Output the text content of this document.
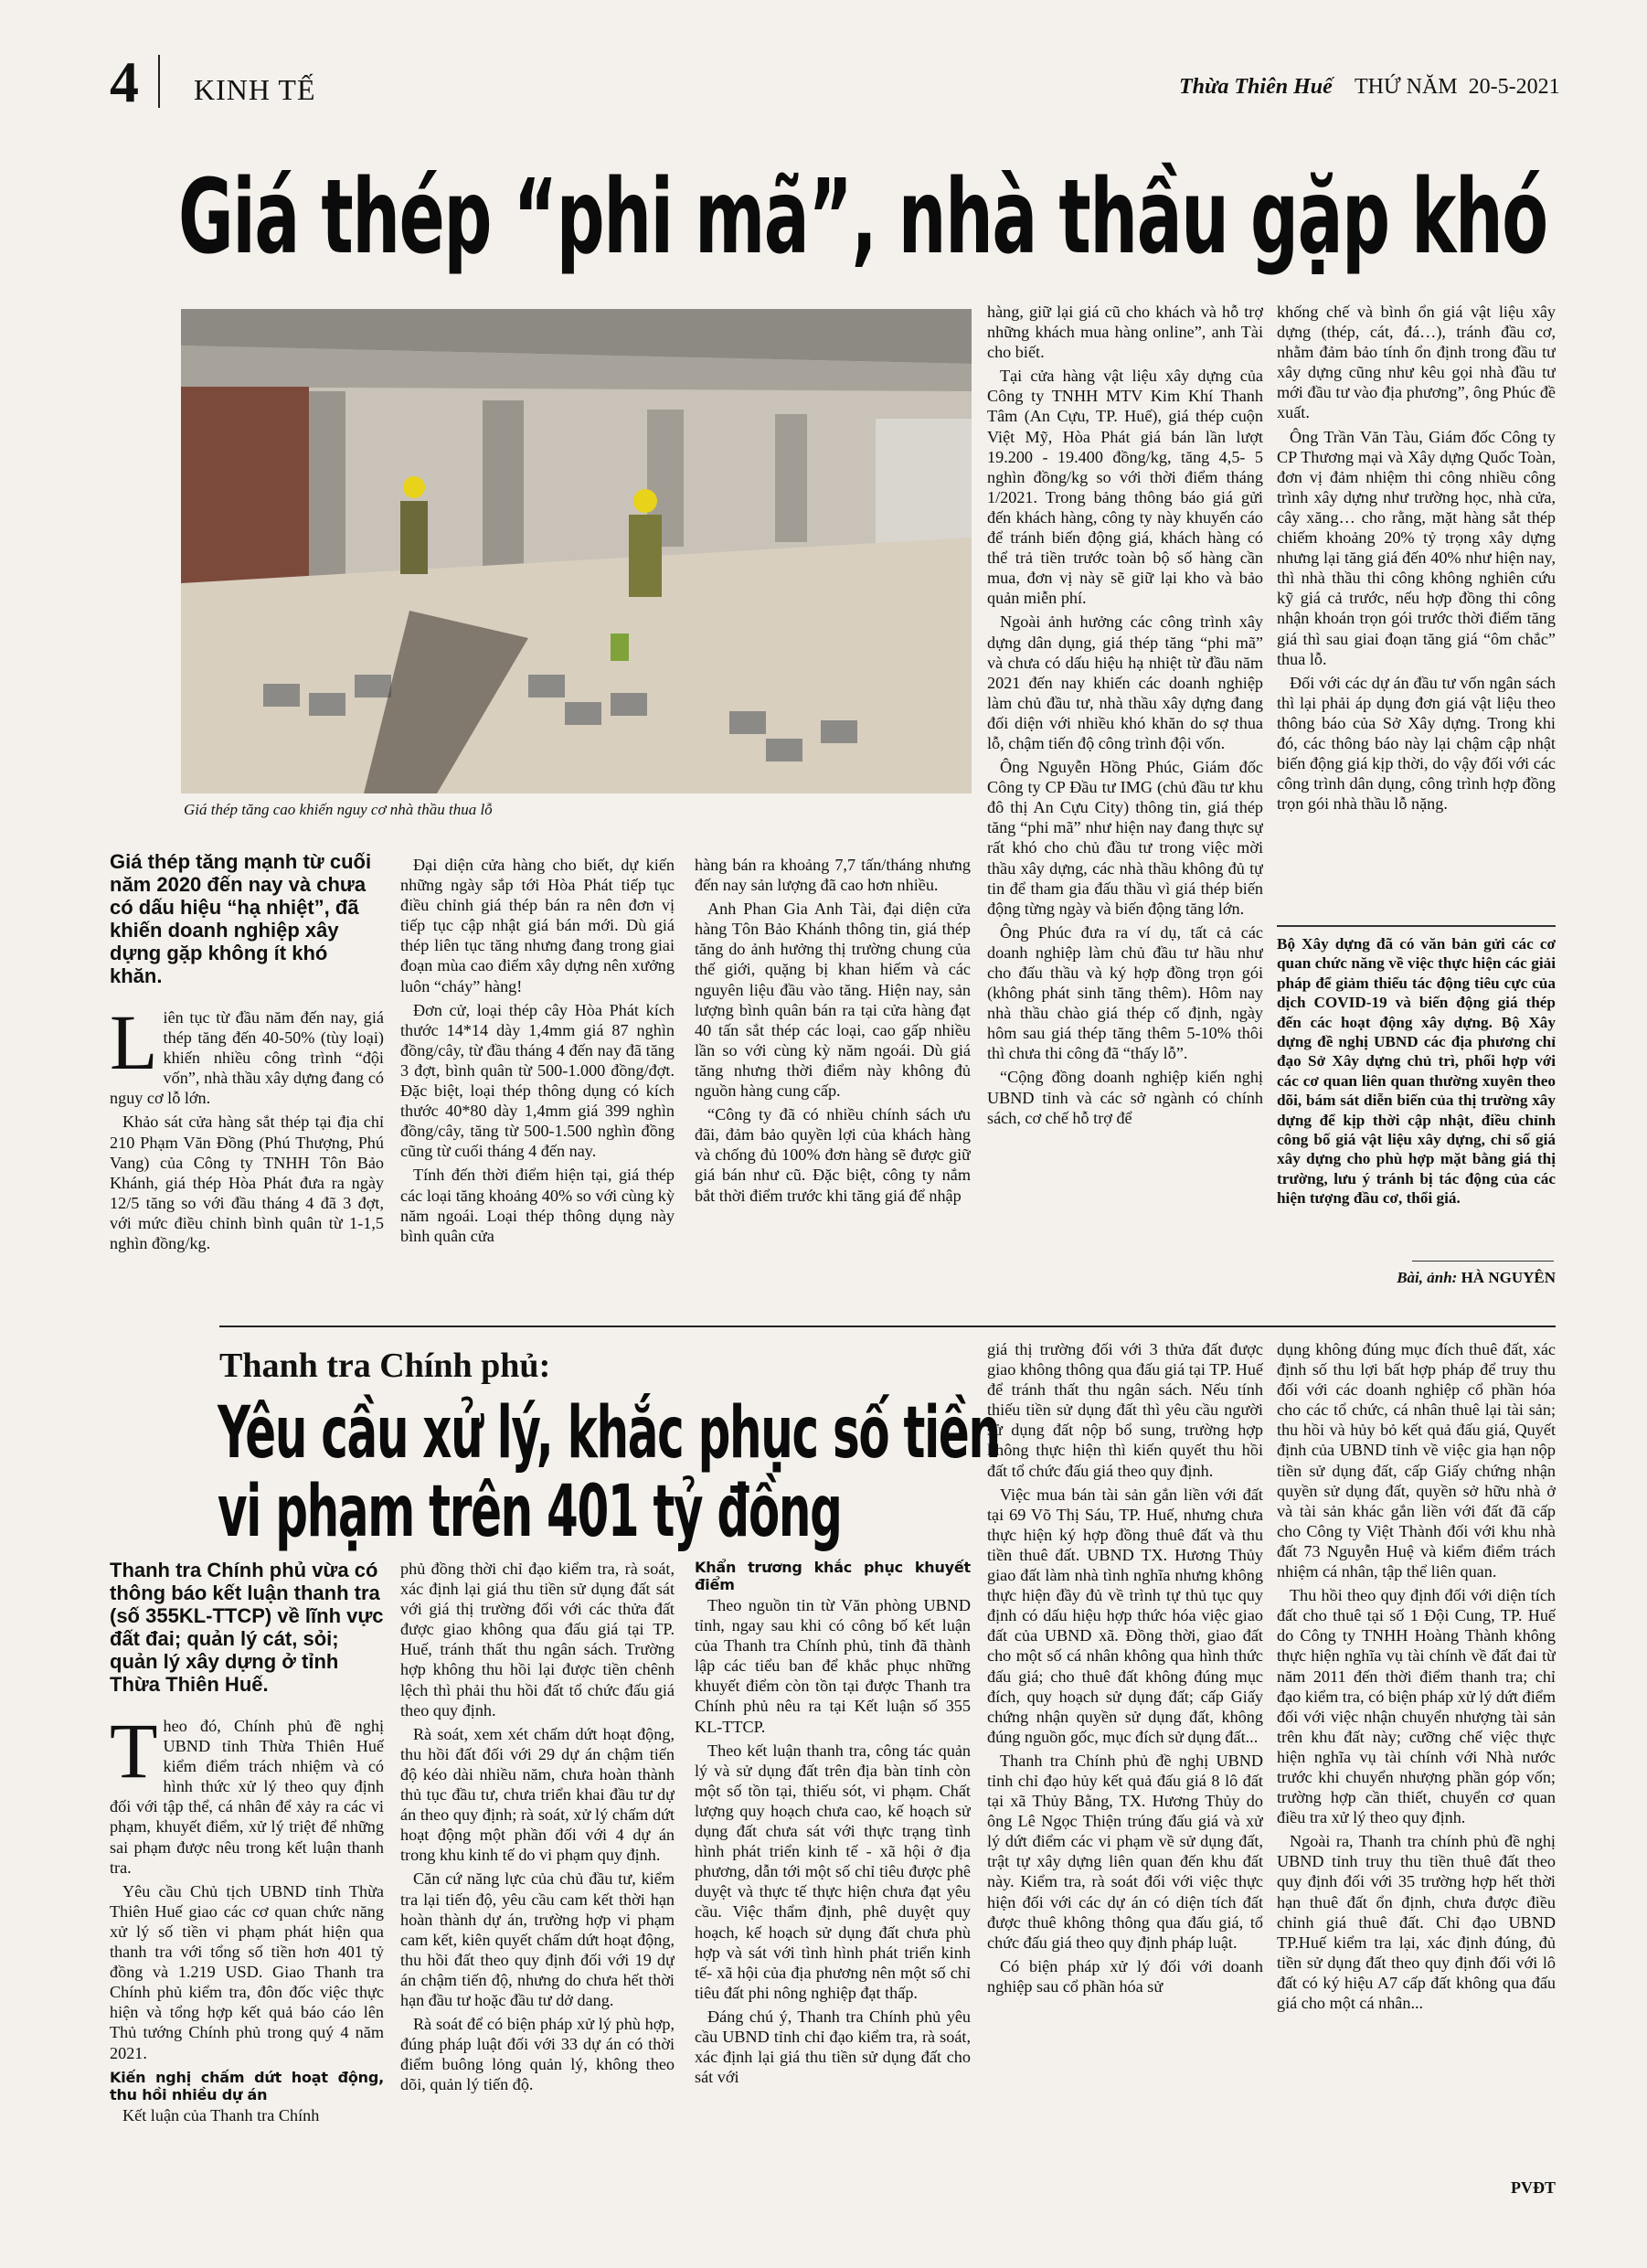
4 KINH TẾ	Thừa Thiên Huế THỨ NĂM  20-5-2021
Giá thép “phi mã”, nhà thầu gặp khó
Giá thép tăng cao khiến nguy cơ nhà thầu thua lỗ
Giá thép tăng mạnh từ cuối năm 2020 đến nay và chưa có dấu hiệu “hạ nhiệt”, đã khiến doanh nghiệp xây dựng gặp không ít khó khăn.
L iên tục từ đầu năm đến nay, giá thép tăng đến 40-50% (tùy loại) khiến nhiều công trình “đội vốn”, nhà thầu xây dựng đang có nguy cơ lỗ lớn.

Khảo sát cửa hàng sắt thép tại địa chỉ 210 Phạm Văn Đồng (Phú Thượng, Phú Vang) của Công ty TNHH Tôn Bảo Khánh, giá thép Hòa Phát đưa ra ngày 12/5 tăng so với đầu tháng 4 đã 3 đợt, với mức điều chỉnh bình quân từ 1-1,5 nghìn đồng/kg.

Đại diện cửa hàng cho biết, dự kiến những ngày sắp tới Hòa Phát tiếp tục điều chỉnh giá thép bán ra nên đơn vị tiếp tục cập nhật giá bán mới. Dù giá thép liên tục tăng nhưng đang trong giai đoạn mùa cao điểm xây dựng nên xưởng luôn “cháy” hàng!

Đơn cử, loại thép cây Hòa Phát kích thước 14*14 dày 1,4mm giá 87 nghìn đồng/cây, từ đầu tháng 4 đến nay đã tăng 3 đợt, bình quân từ 500-1.000 đồng/đợt. Đặc biệt, loại thép thông dụng có kích thước 40*80 dày 1,4mm giá 399 nghìn đồng/cây, tăng từ 500-1.500 nghìn đồng cũng từ cuối tháng 4 đến nay.

Tính đến thời điểm hiện tại, giá thép các loại tăng khoảng 40% so với cùng kỳ năm ngoái. Loại thép thông dụng này bình quân cửa

hàng bán ra khoảng 7,7 tấn/tháng nhưng đến nay sản lượng đã cao hơn nhiều.

Anh Phan Gia Anh Tài, đại diện cửa hàng Tôn Bảo Khánh thông tin, giá thép tăng do ảnh hưởng thị trường chung của thế giới, quặng bị khan hiếm và các nguyên liệu đầu vào tăng. Hiện nay, sản lượng bình quân bán ra tại cửa hàng đạt 40 tấn sắt thép các loại, cao gấp nhiều lần so với cùng kỳ năm ngoái. Dù giá tăng nhưng thời điểm này không đủ nguồn hàng cung cấp.

“Công ty đã có nhiều chính sách ưu đãi, đảm bảo quyền lợi của khách hàng và chống đủ 100% đơn hàng sẽ được giữ giá bán như cũ. Đặc biệt, công ty nắm bắt thời điểm trước khi tăng giá để nhập

hàng, giữ lại giá cũ cho khách và hỗ trợ những khách mua hàng online”, anh Tài cho biết.

Tại cửa hàng vật liệu xây dựng của Công ty TNHH MTV Kim Khí Thanh Tâm (An Cựu, TP. Huế), giá thép cuộn Việt Mỹ, Hòa Phát giá bán lần lượt 19.200 - 19.400 đồng/kg, tăng 4,5- 5 nghìn đồng/kg so với thời điểm tháng 1/2021. Trong bảng thông báo giá gửi đến khách hàng, công ty này khuyến cáo để tránh biến động giá, khách hàng có thể trả tiền trước toàn bộ số hàng cần mua, đơn vị này sẽ giữ lại kho và bảo quản miễn phí.

Ngoài ảnh hưởng các công trình xây dựng dân dụng, giá thép tăng “phi mã” và chưa có dấu hiệu hạ nhiệt từ đầu năm 2021 đến nay khiến các doanh nghiệp làm chủ đầu tư, nhà thầu xây dựng đang đối diện với nhiều khó khăn do sợ thua lỗ, chậm tiến độ công trình đội vốn.

Ông Nguyễn Hồng Phúc, Giám đốc Công ty CP Đầu tư IMG (chủ đầu tư khu đô thị An Cựu City) thông tin, giá thép tăng “phi mã” như hiện nay đang thực sự rất khó cho chủ đầu tư trong việc mời thầu xây dựng, các nhà thầu không đủ tự tin để tham gia đấu thầu vì giá thép biến động từng ngày và biến động tăng lớn.

Ông Phúc đưa ra ví dụ, tất cả các doanh nghiệp làm chủ đầu tư hầu như cho đấu thầu và ký hợp đồng trọn gói (không phát sinh tăng thêm). Hôm nay nhà thầu chào giá thép cố định, ngày hôm sau giá thép tăng thêm 5-10% thôi thì chưa thi công đã “thấy lỗ”.

“Cộng đồng doanh nghiệp kiến nghị UBND tỉnh và các sở ngành có chính sách, cơ chế hỗ trợ để

khống chế và bình ổn giá vật liệu xây dựng (thép, cát, đá…), tránh đầu cơ, nhằm đảm bảo tính ổn định trong đầu tư xây dựng cũng như kêu gọi nhà đầu tư mới đầu tư vào địa phương”, ông Phúc đề xuất.

Ông Trần Văn Tàu, Giám đốc Công ty CP Thương mại và Xây dựng Quốc Toàn, đơn vị đảm nhiệm thi công nhiều công trình xây dựng như trường học, nhà cửa, cây xăng… cho rằng, mặt hàng sắt thép chiếm khoảng 20% tỷ trọng xây dựng nhưng lại tăng giá đến 40% như hiện nay, thì nhà thầu thi công không nghiên cứu kỹ giá cả trước, nếu hợp đồng thi công nhận khoán trọn gói trước thời điểm tăng giá thì sau giai đoạn tăng giá “ôm chắc” thua lỗ.

Đối với các dự án đầu tư vốn ngân sách thì lại phải áp dụng đơn giá vật liệu theo thông báo của Sở Xây dựng. Trong khi đó, các thông báo này lại chậm cập nhật biến động giá kịp thời, do vậy đối với các công trình dân dụng, công trình hợp đồng trọn gói nhà thầu lỗ nặng.

Bộ Xây dựng đã có văn bản gửi các cơ quan chức năng về việc thực hiện các giải pháp để giảm thiểu tác động tiêu cực của dịch COVID-19 và biến động giá thép đến các hoạt động xây dựng. Bộ Xây dựng đề nghị UBND các địa phương chỉ đạo Sở Xây dựng chủ trì, phối hợp với các cơ quan liên quan thường xuyên theo dõi, bám sát diễn biến của thị trường xây dựng để kịp thời cập nhật, điều chỉnh công bố giá vật liệu xây dựng, chỉ số giá xây dựng cho phù hợp mặt bằng giá thị trường, lưu ý tránh bị tác động của các hiện tượng đầu cơ, thổi giá.

Bài, ảnh: HÀ NGUYÊN
Thanh tra Chính phủ:
Yêu cầu xử lý, khắc phục số tiền
vi phạm trên 401 tỷ đồng
Thanh tra Chính phủ vừa có thông báo kết luận thanh tra (số 355KL-TTCP) về lĩnh vực đất đai; quản lý cát, sỏi; quản lý xây dựng ở tỉnh Thừa Thiên Huế.
T heo đó, Chính phủ đề nghị UBND tỉnh Thừa Thiên Huế kiểm điểm trách nhiệm và có hình thức xử lý theo quy định đối với tập thể, cá nhân để xảy ra các vi phạm, khuyết điểm, xử lý triệt để những sai phạm được nêu trong kết luận thanh tra.

Yêu cầu Chủ tịch UBND tỉnh Thừa Thiên Huế giao các cơ quan chức năng xử lý số tiền vi phạm phát hiện qua thanh tra với tổng số tiền hơn 401 tỷ đồng và 1.219 USD. Giao Thanh tra Chính phủ kiểm tra, đôn đốc việc thực hiện và tổng hợp kết quả báo cáo lên Thủ tướng Chính phủ trong quý 4 năm 2021.

Kiến nghị chấm dứt hoạt động, thu hồi nhiều dự án

Kết luận của Thanh tra Chính

phủ đồng thời chỉ đạo kiểm tra, rà soát, xác định lại giá thu tiền sử dụng đất sát với giá thị trường đối với các thửa đất được giao không qua đấu giá tại TP. Huế, tránh thất thu ngân sách. Trường hợp không thu hồi lại được tiền chênh lệch thì phải thu hồi đất tổ chức đấu giá theo quy định.

Rà soát, xem xét chấm dứt hoạt động, thu hồi đất đối với 29 dự án chậm tiến độ kéo dài nhiều năm, chưa hoàn thành thủ tục đầu tư, chưa triển khai đầu tư dự án theo quy định; rà soát, xử lý chấm dứt hoạt động một phần đối với 4 dự án trong khu kinh tế do vi phạm quy định.

Căn cứ năng lực của chủ đầu tư, kiểm tra lại tiến độ, yêu cầu cam kết thời hạn hoàn thành dự án, trường hợp vi phạm cam kết, kiên quyết chấm dứt hoạt động, thu hồi đất theo quy định đối với 19 dự án chậm tiến độ, nhưng do chưa hết thời hạn đầu tư hoặc đầu tư dở dang.

Rà soát để có biện pháp xử lý phù hợp, đúng pháp luật đối với 33 dự án có thời điểm buông lỏng quản lý, không theo dõi, quản lý tiến độ.

Khẩn trương khắc phục khuyết điểm

Theo nguồn tin từ Văn phòng UBND tỉnh, ngay sau khi có công bố kết luận của Thanh tra Chính phủ, tỉnh đã thành lập các tiểu ban để khắc phục những khuyết điểm còn tồn tại được Thanh tra Chính phủ nêu ra tại Kết luận số 355 KL-TTCP.

Theo kết luận thanh tra, công tác quản lý và sử dụng đất trên địa bàn tỉnh còn một số tồn tại, thiếu sót, vi phạm. Chất lượng quy hoạch chưa cao, kế hoạch sử dụng đất chưa sát với thực trạng tình hình phát triển kinh tế - xã hội ở địa phương, dẫn tới một số chỉ tiêu được phê duyệt và thực tế thực hiện chưa đạt yêu cầu. Việc thẩm định, phê duyệt quy hoạch, kế hoạch sử dụng đất chưa phù hợp và sát với tình hình phát triển kinh tế- xã hội của địa phương nên một số chỉ tiêu đất phi nông nghiệp đạt thấp.

Đáng chú ý, Thanh tra Chính phủ yêu cầu UBND tỉnh chỉ đạo kiểm tra, rà soát, xác định lại giá thu tiền sử dụng đất cho sát với

giá thị trường đối với 3 thửa đất được giao không thông qua đấu giá tại TP. Huế để tránh thất thu ngân sách. Nếu tính thiếu tiền sử dụng đất thì yêu cầu người sử dụng đất nộp bổ sung, trường hợp không thực hiện thì kiến quyết thu hồi đất tổ chức đấu giá theo quy định.

Việc mua bán tài sản gắn liền với đất tại 69 Võ Thị Sáu, TP. Huế, nhưng chưa thực hiện ký hợp đồng thuê đất và thu tiền thuê đất. UBND TX. Hương Thủy giao đất làm nhà tình nghĩa nhưng không thực hiện đầy đủ về trình tự thủ tục quy định có dấu hiệu hợp thức hóa việc giao đất của UBND xã. Đồng thời, giao đất cho một số cá nhân không qua hình thức đấu giá; cho thuê đất không đúng mục đích, quy hoạch sử dụng đất; cấp Giấy chứng nhận quyền sử dụng đất, không đúng nguồn gốc, mục đích sử dụng đất...

Thanh tra Chính phủ đề nghị UBND tỉnh chỉ đạo hủy kết quả đấu giá 8 lô đất tại xã Thủy Bằng, TX. Hương Thủy do ông Lê Ngọc Thiện trúng đấu giá và xử lý dứt điểm các vi phạm về sử dụng đất, trật tự xây dựng liên quan đến khu đất này. Kiểm tra, rà soát đối với việc thực hiện đối với các dự án có diện tích đất được thuê không thông qua đấu giá, tổ chức đấu giá theo quy định pháp luật.

Có biện pháp xử lý đối với doanh nghiệp sau cổ phần hóa sử

dụng không đúng mục đích thuê đất, xác định số thu lợi bất hợp pháp để truy thu đối với các doanh nghiệp cổ phần hóa cho các tổ chức, cá nhân thuê lại tài sản; thu hồi và hủy bỏ kết quả đấu giá, Quyết định của UBND tỉnh về việc gia hạn nộp tiền sử dụng đất, cấp Giấy chứng nhận quyền sử dụng đất, quyền sở hữu nhà ở và tài sản khác gắn liền với đất đã cấp cho Công ty Việt Thành đối với khu nhà đất 73 Nguyễn Huệ và kiểm điểm trách nhiệm cá nhân, tập thể liên quan.

Thu hồi theo quy định đối với diện tích đất cho thuê tại số 1 Đội Cung, TP. Huế do Công ty TNHH Hoàng Thành không thực hiện nghĩa vụ tài chính về đất đai từ năm 2011 đến thời điểm thanh tra; chỉ đạo kiểm tra, có biện pháp xử lý dứt điểm đối với việc nhận chuyển nhượng tài sản trên khu đất này; cưỡng chế việc thực hiện nghĩa vụ tài chính với Nhà nước trước khi chuyển nhượng phần góp vốn; trường hợp cần thiết, chuyển cơ quan điều tra xử lý theo quy định.

Ngoài ra, Thanh tra chính phủ đề nghị UBND tỉnh truy thu tiền thuê đất theo quy định đối với 35 trường hợp hết thời hạn thuê đất ổn định, chưa được điều chỉnh giá thuê đất. Chỉ đạo UBND TP.Huế kiểm tra lại, xác định đúng, đủ tiền sử dụng đất theo quy định đối với lô đất có ký hiệu A7 cấp đất không qua đấu giá cho một cá nhân...

PVĐT
